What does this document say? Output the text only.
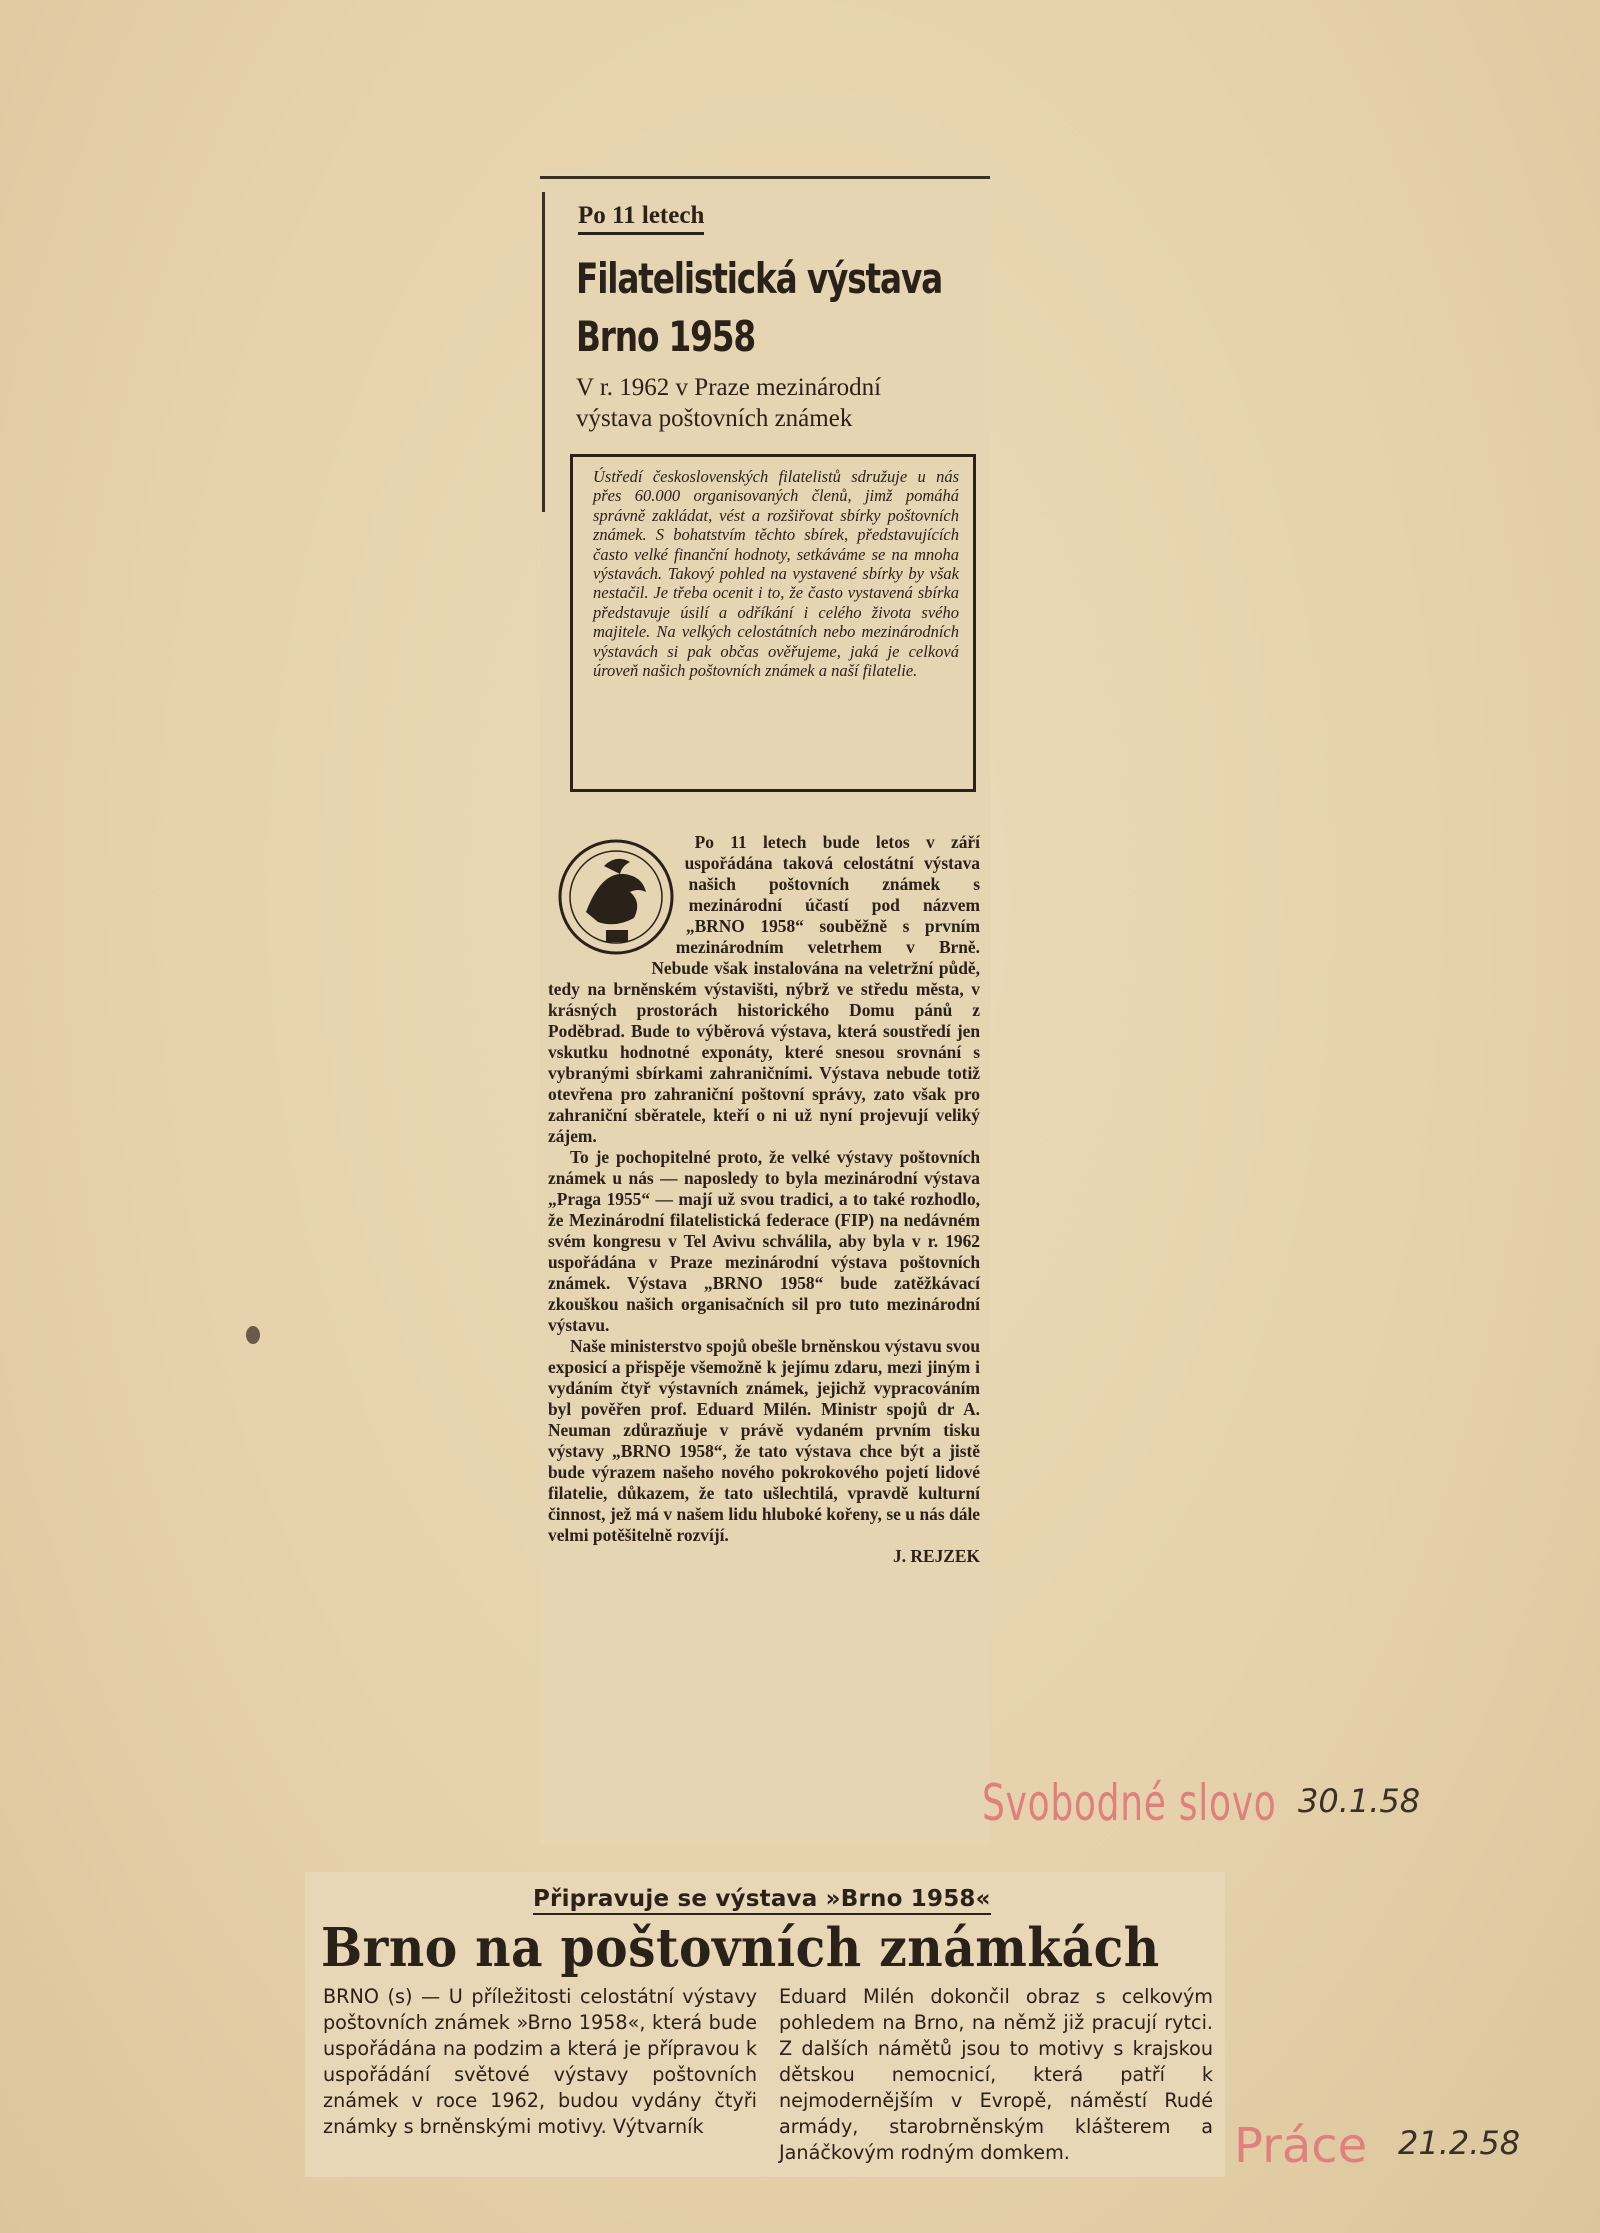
Po 11 letech
Filatelistická výstava
Brno 1958
V r. 1962 v Praze mezinárodní
výstava poštovních známek
Ústředí československých filatelistů sdružuje u nás přes 60.000 organisovaných členů, jimž pomáhá správně zakládat, vést a rozšiřovat sbírky poštovních známek. S bohatstvím těchto sbírek, představujících často velké finanční hodnoty, setkáváme se na mnoha výstavách. Takový pohled na vystavené sbírky by však nestačil. Je třeba ocenit i to, že často vystavená sbírka představuje úsilí a odříkání i celého života svého majitele. Na velkých celostátních nebo mezinárodních výstavách si pak občas ověřujeme, jaká je celková úroveň našich poštovních známek a naší filatelie.

Po 11 letech bude letos v září uspořádána taková celostátní výstava našich poštovních známek s mezinárodní účastí pod názvem „BRNO 1958“ souběžně s prvním mezinárodním veletrhem v Brně. Nebude však instalována na veletržní půdě, tedy na brněnském výstavišti, nýbrž ve středu města, v krásných prostorách historického Domu pánů z Poděbrad. Bude to výběrová výstava, která soustředí jen vskutku hodnotné exponáty, které snesou srovnání s vybranými sbírkami zahraničními. Výstava nebude totiž otevřena pro zahraniční poštovní správy, zato však pro zahraniční sběratele, kteří o ni už nyní projevují veliký zájem.

To je pochopitelné proto, že velké výstavy poštovních známek u nás — naposledy to byla mezinárodní výstava „Praga 1955“ — mají už svou tradici, a to také rozhodlo, že Mezinárodní filatelistická federace (FIP) na nedávném svém kongresu v Tel Avivu schválila, aby byla v r. 1962 uspořádána v Praze mezinárodní výstava poštovních známek. Výstava „BRNO 1958“ bude zatěžkávací zkouškou našich organisačních sil pro tuto mezinárodní výstavu.

Naše ministerstvo spojů obešle brněnskou výstavu svou exposicí a přispěje všemožně k jejímu zdaru, mezi jiným i vydáním čtyř výstavních známek, jejichž vypracováním byl pověřen prof. Eduard Milén. Ministr spojů dr A. Neuman zdůrazňuje v právě vydaném prvním tisku výstavy „BRNO 1958“, že tato výstava chce být a jistě bude výrazem našeho nového pokrokového pojetí lidové filatelie, důkazem, že tato ušlechtilá, vpravdě kulturní činnost, jež má v našem lidu hluboké kořeny, se u nás dále velmi potěšitelně rozvíjí.
J. REJZEK

Svobodné slovo 30.1.58
Připravuje se výstava »Brno 1958«
Brno na poštovních známkách
BRNO (s) — U příležitosti celostátní výstavy poštovních známek »Brno 1958«, která bude uspořádána na podzim a která je přípravou k uspořádání světové výstavy poštovních známek v roce 1962, budou vydány čtyři známky s brněnskými motivy. Výtvarník
Eduard Milén dokončil obraz s celkovým pohledem na Brno, na němž již pracují rytci. Z dalších námětů jsou to motivy s krajskou dětskou nemocnicí, která patří k nejmodernějším v Evropě, náměstí Rudé armády, starobrněnským klášterem a Janáčkovým rodným domkem.	Práce 21.2.58
